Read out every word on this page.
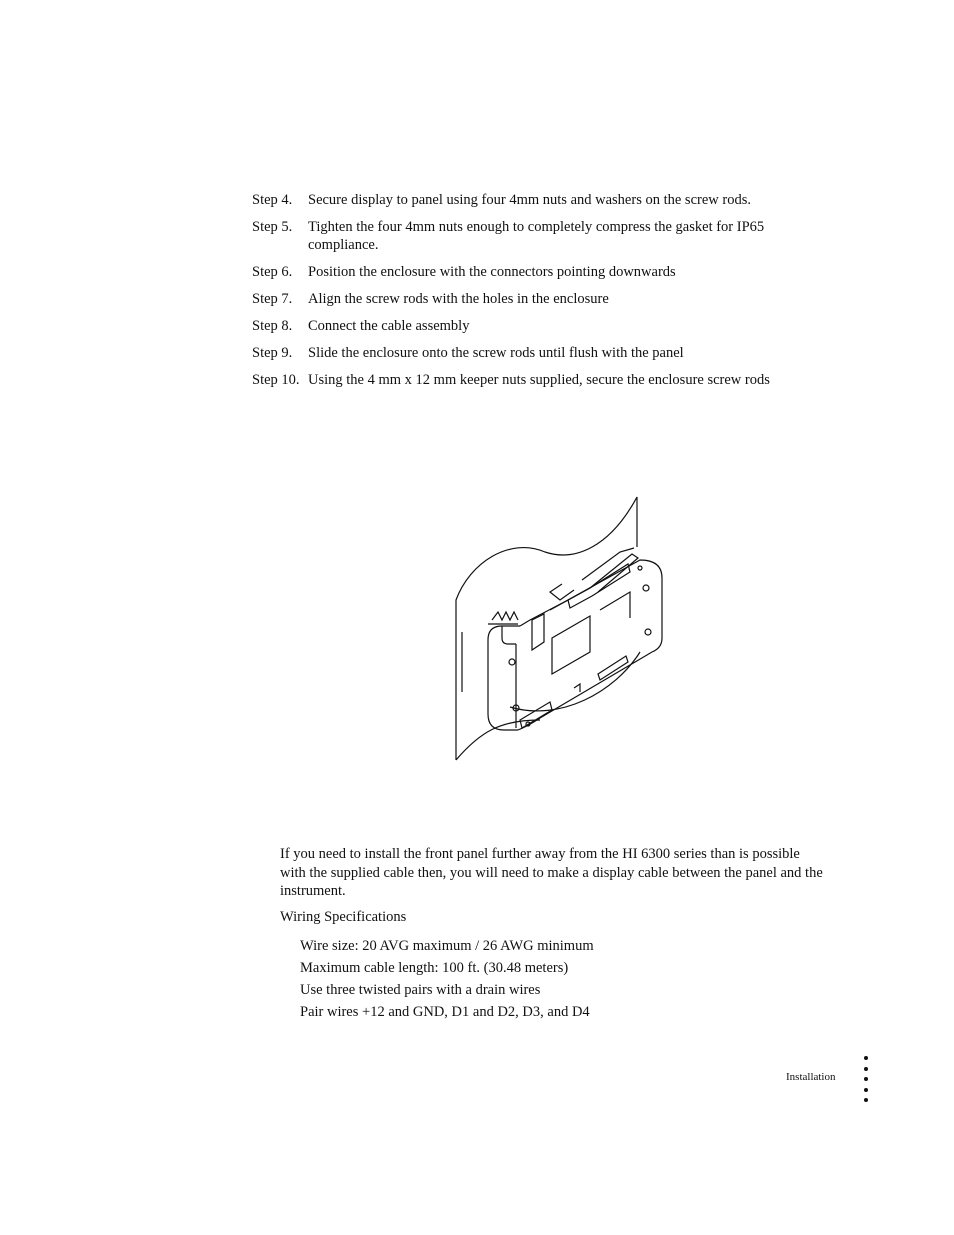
Step 4.	Secure display to panel using four 4mm nuts and washers on the screw rods.
Step 5.	Tighten the four 4mm nuts enough to completely compress the gasket for IP65 compliance.
Step 6.	Position the enclosure with the connectors pointing downwards
Step 7.	Align the screw rods with the holes in the enclosure
Step 8.	Connect the cable assembly
Step 9.	Slide the enclosure onto the screw rods until flush with the panel
Step 10. Using the 4 mm x 12 mm keeper nuts supplied, secure the enclosure screw rods
If you need to install the front panel further away from the HI 6300 series than is possible with the supplied cable then, you will need to make a display cable between the panel and the instrument.
Wiring Specifications
Wire size: 20 AVG maximum / 26 AWG minimum
Maximum cable length: 100 ft. (30.48 meters)
Use three twisted pairs with a drain wires
Pair wires +12 and GND, D1 and D2, D3, and D4
Installation
